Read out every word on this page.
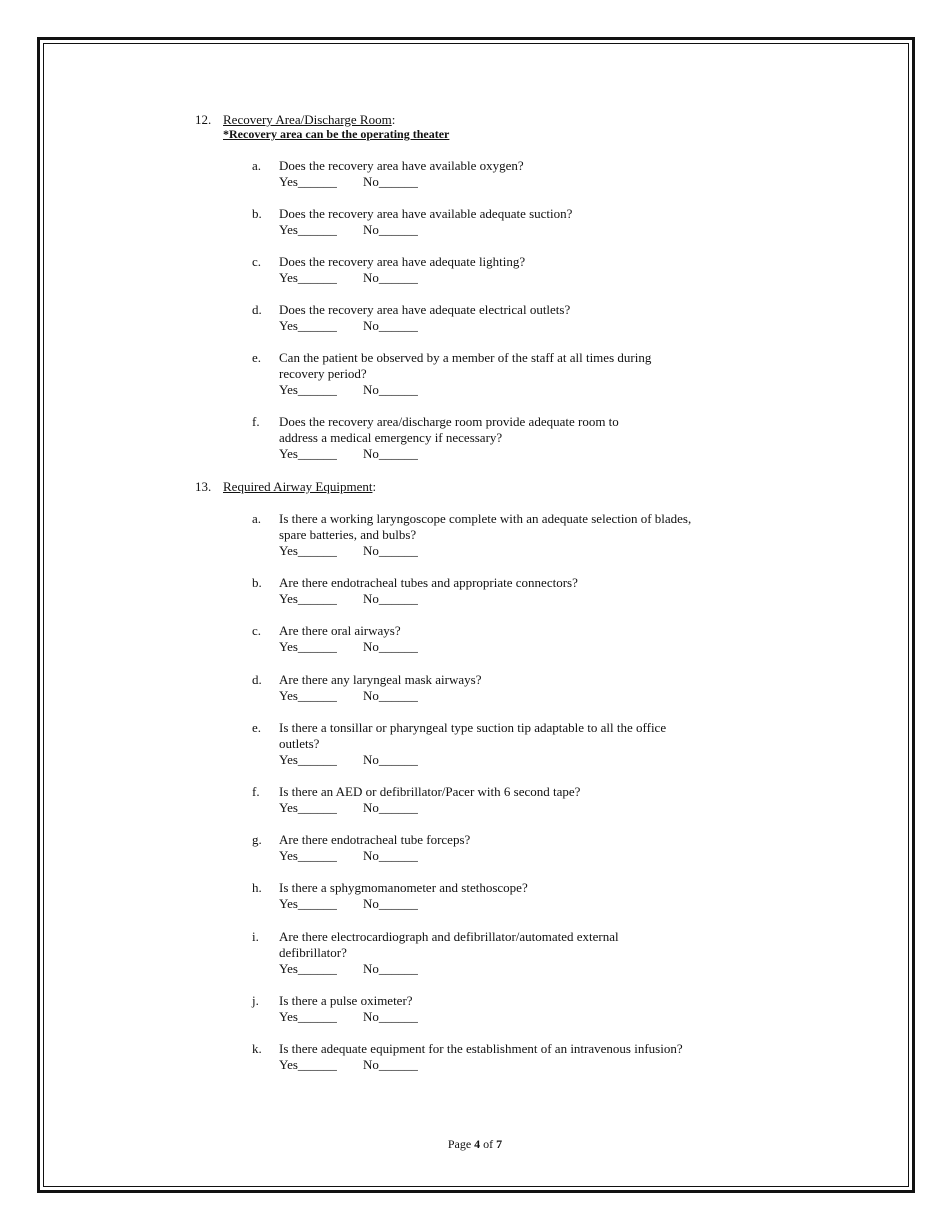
12. Recovery Area/Discharge Room:
*Recovery area can be the operating theater
a. Does the recovery area have available oxygen?
Yes______ No______
b. Does the recovery area have available adequate suction?
Yes______ No______
c. Does the recovery area have adequate lighting?
Yes______ No______
d. Does the recovery area have adequate electrical outlets?
Yes______ No______
e. Can the patient be observed by a member of the staff at all times during recovery period?
Yes______ No______
f. Does the recovery area/discharge room provide adequate room to address a medical emergency if necessary?
Yes______ No______
13. Required Airway Equipment:
a. Is there a working laryngoscope complete with an adequate selection of blades, spare batteries, and bulbs?
Yes______ No______
b. Are there endotracheal tubes and appropriate connectors?
Yes______ No______
c. Are there oral airways?
Yes______ No______
d. Are there any laryngeal mask airways?
Yes______ No______
e. Is there a tonsillar or pharyngeal type suction tip adaptable to all the office outlets?
Yes______ No______
f. Is there an AED or defibrillator/Pacer with 6 second tape?
Yes______ No______
g. Are there endotracheal tube forceps?
Yes______ No______
h. Is there a sphygmomanometer and stethoscope?
Yes______ No______
i. Are there electrocardiograph and defibrillator/automated external defibrillator?
Yes______ No______
j. Is there a pulse oximeter?
Yes______ No______
k. Is there adequate equipment for the establishment of an intravenous infusion?
Yes______ No______
Page 4 of 7
